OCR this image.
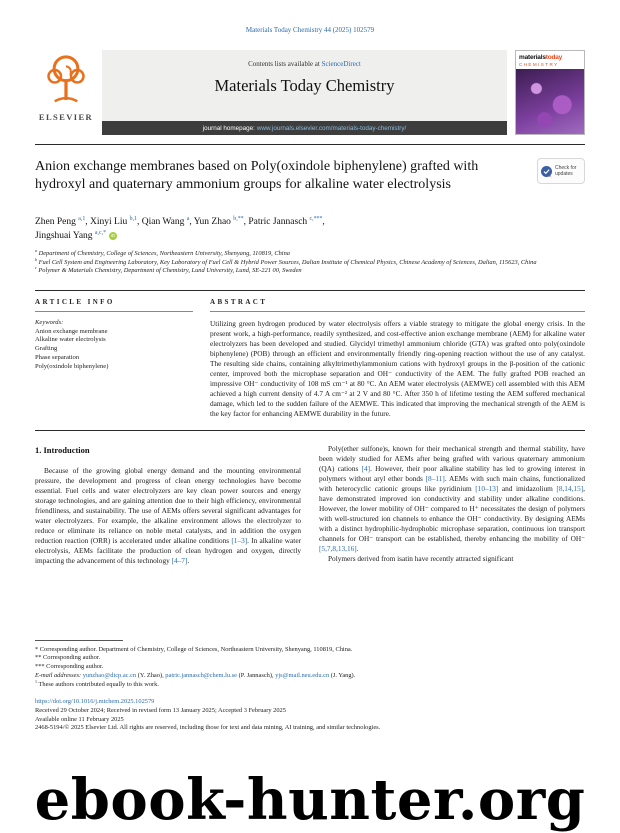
Materials Today Chemistry 44 (2025) 102579
ELSEVIER
Contents lists available at ScienceDirect
Materials Today Chemistry
journal homepage: www.journals.elsevier.com/materials-today-chemistry/
materialstoday
CHEMISTRY
Anion exchange membranes based on Poly(oxindole biphenylene) grafted with hydroxyl and quaternary ammonium groups for alkaline water electrolysis
Check for updates
Zhen Peng $^{a,1}$, Xinyi Liu $^{b,1}$, Qian Wang $^a$, Yun Zhao $^{b,**}$, Patric Jannasch $^{c,***}$,
Jingshuai Yang $^{a,c,*}$ iD
$^a$ Department of Chemistry, College of Sciences, Northeastern University, Shenyang, 110819, China
$^b$ Fuel Cell System and Engineering Laboratory, Key Laboratory of Fuel Cell & Hybrid Power Sources, Dalian Institute of Chemical Physics, Chinese Academy of Sciences, Dalian, 115623, China
$^c$ Polymer & Materials Chemistry, Department of Chemistry, Lund University, Lund, SE-221 00, Sweden
ARTICLE INFO
Keywords:
Anion exchange membrane
Alkaline water electrolysis
Grafting
Phase separation
Poly(oxindole biphenylene)
ABSTRACT

Utilizing green hydrogen produced by water electrolysis offers a viable strategy to mitigate the global energy crisis. In the present work, a high-performance, readily synthesized, and cost-effective anion exchange membrane (AEM) for alkaline water electrolyzers has been developed and studied. Glycidyl trimethyl ammonium chloride (GTA) was grafted onto poly(oxindole biphenylene) (POB) through an efficient and environmentally friendly ring-opening reaction without the use of any catalyst. The resulting side chains, containing alkyltrimethylammonium cations with hydroxyl groups in the β-position of the cationic center, improved both the microphase separation and OH⁻ conductivity of the AEM. The fully grafted POB reached an impressive OH⁻ conductivity of 108 mS cm⁻¹ at 80 °C. An AEM water electrolysis (AEMWE) cell assembled with this AEM achieved a high current density of 4.7 A cm⁻² at 2 V and 80 °C. After 350 h of lifetime testing the AEM suffered mechanical damage, which led to the sudden failure of the AEMWE. This indicated that improving the mechanical strength of the AEM is the key factor for enhancing AEMWE durability in the future.

1. Introduction

Because of the growing global energy demand and the mounting environmental pressure, the development and progress of clean energy technologies have become essential. Fuel cells and water electrolyzers are key clean power sources and energy storage technologies, and are gaining attention due to their high efficiency, environmental friendliness, and sustainability. The use of AEMs offers several significant advantages for water electrolyzers. For example, the alkaline environment allows the electrolyzer to reduce or eliminate its reliance on noble metal catalysts, and in addition the oxygen reduction reaction (ORR) is accelerated under alkaline conditions [1–3]. In alkaline water electrolysis, AEMs facilitate the production of clean hydrogen and oxygen, directly impacting the advancement of this technology [4–7].

Poly(ether sulfone)s, known for their mechanical strength and thermal stability, have been widely studied for AEMs after being grafted with various quaternary ammonium (QA) cations [4]. However, their poor alkaline stability has led to growing interest in polymers without aryl ether bonds [8–11]. AEMs with such main chains, functionalized with heterocyclic cationic groups like pyridinium [10–13] and imidazolium [8,14,15], have demonstrated improved ion conductivity and stability under alkaline conditions. However, the lower mobility of OH⁻ compared to H⁺ necessitates the design of polymers with well-structured ion channels to enhance the OH⁻ conductivity. By designing AEMs with a distinct hydrophilic-hydrophobic microphase separation, continuous ion transport channels for OH⁻ transport can be established, thereby enhancing the mobility of OH⁻ [5,7,8,13,16].

Polymers derived from isatin have recently attracted significant

* Corresponding author. Department of Chemistry, College of Sciences, Northeastern University, Shenyang, 110819, China.
** Corresponding author.
*** Corresponding author.
E-mail addresses: yunzhao@dicp.ac.cn (Y. Zhao), patric.jannasch@chem.lu.se (P. Jannasch), yjs@mail.neu.edu.cn (J. Yang).
$^1$ These authors contributed equally to this work.
https://doi.org/10.1016/j.mtchem.2025.102579
Received 29 October 2024; Received in revised form 13 January 2025; Accepted 3 February 2025
Available online 11 February 2025
2468-5194/© 2025 Elsevier Ltd. All rights are reserved, including those for text and data mining, AI training, and similar technologies.
ebook-hunter.org
